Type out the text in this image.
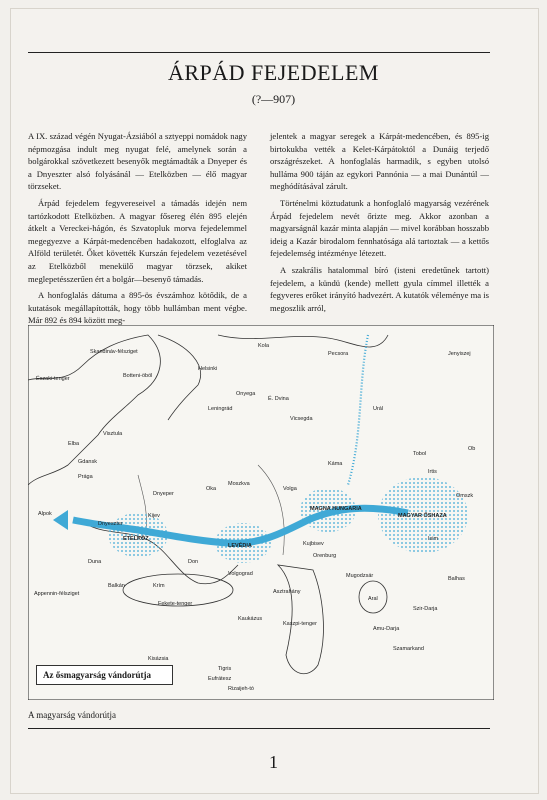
ÁRPÁD FEJEDELEM
(?—907)

A IX. század végén Nyugat-Ázsiából a sztyeppi nomádok nagy népmozgása indult meg nyugat felé, amelynek során a bolgárokkal szövetkezett besenyők megtámadták a Dnyeper és a Dnyeszter alsó folyásánál — Etelközben — élő magyar törzseket.

Árpád fejedelem fegyvereseivel a támadás idején nem tartózkodott Etelközben. A magyar fősereg élén 895 elején átkelt a Vereckei-hágón, és Szvatopluk morva fejedelemmel megegyezve a Kárpát-medencében hadakozott, elfoglalva az Alföld területét. Őket követték Kurszán fejedelem vezetésével az Etelközből menekülő magyar törzsek, akiket meglepetésszerűen ért a bolgár—besenyő támadás.

A honfoglalás dátuma a 895-ös évszámhoz kötődik, de a kutatások megállapították, hogy több hullámban ment végbe. Már 892 és 894 között meg-

jelentek a magyar seregek a Kárpát-medencében, és 895-ig birtokukba vették a Kelet-Kárpátoktól a Dunáig terjedő országrészeket. A honfoglalás harmadik, s egyben utolsó hulláma 900 táján az egykori Pannónia — a mai Dunántúl — meghódításával zárult.

Történelmi köztudatunk a honfoglaló magyarság vezérének Árpád fejedelem nevét őrizte meg. Akkor azonban a magyarságnál kazár minta alapján — mivel korábban hosszabb ideig a Kazár birodalom fennhatósága alá tartoztak — a kettős fejedelemség intézménye létezett.

A szakrális hatalommal bíró (isteni eredetűnek tartott) fejedelem, a kündü (kende) mellett gyula címmel illették a fegyveres erőket irányító hadvezért. A kutatók véleménye ma is megoszlik arról,

Északi-tenger
Skandináv-félsziget
Botteni-öböl
Helsinki
Kola
Pecsora	Jenyiszej
Urál
Leningrád
Onyega
É. Dvina
Vicsegda
Káma
Elba
Gdansk
Prága
Visztula
Moszkva
Oka	Volga
Tobol
Irtis
Ob
Omszk
Alpok
Duna
Kijev
ETELKÖZ
LEVÉDIA
MAGNA HUNGARIA
MAGYAR ŐSHAZA
Kujbisev
Orenburg
Isim
Don
Volgograd
Krím
Fekete-tenger
Balkán
Asztrahány
Kaukázus
Kaszpi-tenger
Aral
Mugodzsár	Balhas
Szir-Darja
Amu-Darja
Szamarkand
Tigris
Eufrátesz
Kisázsia
Rizaijeh-tó
Appennin-félsziget
Dnyeper
Dnyeszter
Az ősmagyarság vándorútja
A magyarság vándorútja
1
